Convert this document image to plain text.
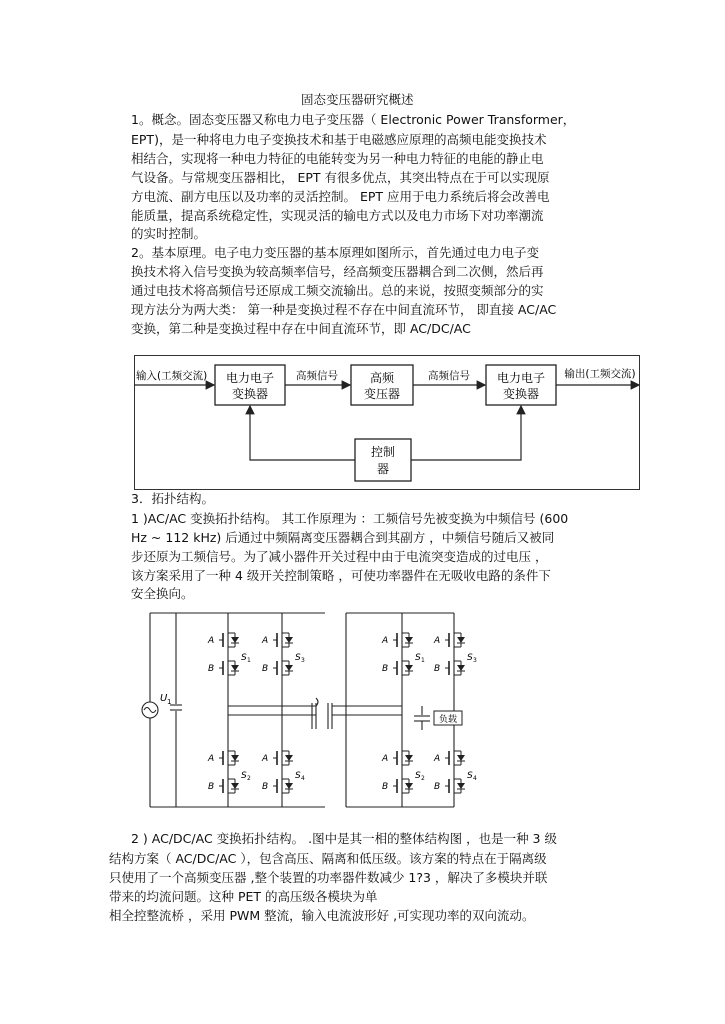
固态变压器研究概述
1。概念。固态变压器又称电力电子变压器（ Electronic Power Transformer，
EPT)，是一种将电力电子变换技术和基于电磁感应原理的高频电能变换技术
相结合，实现将一种电力特征的电能转变为另一种电力特征的电能的静止电
气设备。与常规变压器相比， EPT 有很多优点，其突出特点在于可以实现原
方电流、副方电压以及功率的灵活控制。 EPT 应用于电力系统后将会改善电
能质量，提高系统稳定性，实现灵活的输电方式以及电力市场下对功率潮流
的实时控制。
2。基本原理。电子电力变压器的基本原理如图所示，首先通过电力电子变
换技术将入信号变换为较高频率信号，经高频变压器耦合到二次侧，然后再
通过电技术将高频信号还原成工频交流输出。总的来说，按照变频部分的实
现方法分为两大类： 第一种是变换过程不存在中间直流环节， 即直接 AC/AC
变换，第二种是变换过程中存在中间直流环节，即 AC/DC/AC
输入(工频交流) 电力电子
变换器
高频信号	高频
变压器
高频信号 电力电子
变换器
输出(工频交流)
控制
器
3．拓扑结构。
1 )AC/AC 变换拓扑结构。 其工作原理为 ：工频信号先被变换为中频信号 (600
Hz ~ 112 kHz) 后通过中频隔离变压器耦合到其副方 ，中频信号随后又被同
步还原为工频信号。为了减小器件开关过程中由于电流突变造成的过电压 ，
该方案采用了一种 4 级开关控制策略 ，可使功率器件在无吸收电路的条件下
安全换向。
U 1
负载
A
B
S 1
A
B
S 3
A
B
S 2
A
B
S 4
A
B
S 1
A
B
S 3
A
B
S 2
A
B
S 4
2 ) AC/DC/AC 变换拓扑结构。 .图中是其一相的整体结构图 ，也是一种 3 级
结构方案（ AC/DC/AC ），包含高压、隔离和低压级。该方案的特点在于隔离级
只使用了一个高频变压器 ,整个装置的功率器件数减少 1?3 ，解决了多模块并联
带来的均流问题。这种 PET 的高压级各模块为单
相全控整流桥 ，采用 PWM 整流，输入电流波形好 ,可实现功率的双向流动。
